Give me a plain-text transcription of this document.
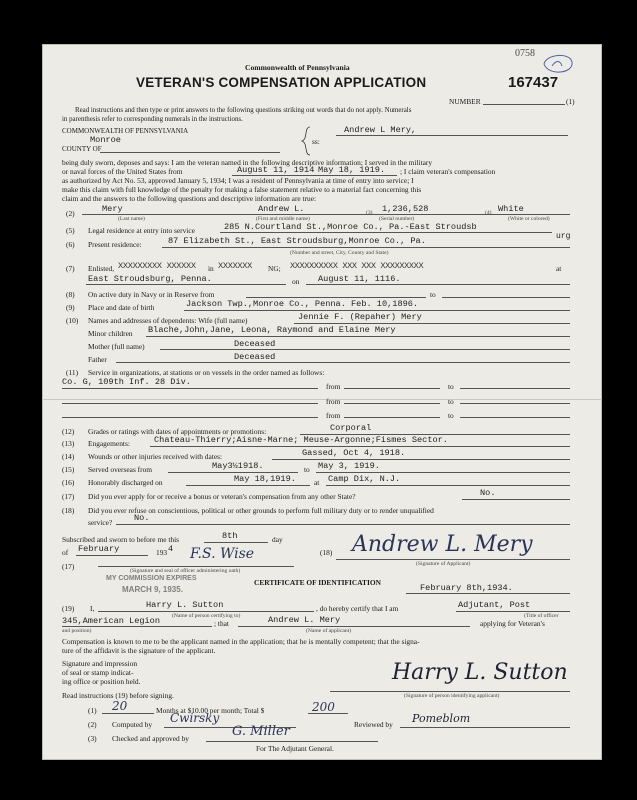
Commonwealth of Pennsylvania
VETERAN'S COMPENSATION APPLICATION	167437
0758
NUMBER	(1)
Read instructions and then type or print answers to the following questions striking out words that do not apply. Numerals
in parenthesis refer to corresponding numerals in the instructions.
COMMONWEALTH OF PENNSYLVANIA
Monroe
COUNTY OF
ss:
Andrew L Mery,
being duly sworn, deposes and says: I am the veteran named in the following descriptive information; I served in the military
or naval forces of the United States from	August 11, 1914 May 18, 1919. ; I claim veteran's compensation
as authorized by Act No. 53, approved January 5, 1934; I was a resident of Pennsylvania at time of entry into service; I
make this claim with full knowledge of the penalty for making a false statement relative to a material fact concerning this
claim and the answers to the following questions and descriptive information are true:
(2)	Mery	Andrew L.	1,236,528	White
(Last name)	(First and middle name)	(Serial number)	(White or colored)
(3)	(4)
(5) Legal residence at entry into service	285 N.Courtland St.,Monroe Co., Pa.-East Stroudsb
urg
(6) Present residence:	87 Elizabeth St., East Stroudsburg,Monroe Co., Pa.
(Number and street, City, County and State)
(7) Enlisted, XXXXXXXXX XXXXXX in XXXXXXX NG; XXXXXXXXXX XXX XXX XXXXXXXXX	at
East Stroudsburg, Penna.	on August 11, 1116.
(8) On active duty in Navy or in Reserve from	to
(9) Place and date of birth	Jackson Twp.,Monroe Co., Penna. Feb. 10,1896.
(10) Names and addresses of dependents: Wife (full name)	Jennie F. (Repaher) Mery
Minor children Blache,John,Jane, Leona, Raymond and Elaine Mery
Mother (full name)	Deceased
Father	Deceased
(11) Service in organizations, at stations or on vessels in the order named as follows:
Co. G, 109th Inf. 28 Div.	from	to
from	to
from	to
(12) Grades or ratings with dates of appointments or promotions:	Corporal
(13) Engagements:	Chateau-Thierry;Aisne-Marne; Meuse-Argonne;Fismes Sector.
(14) Wounds or other injuries received with dates:	Gassed, Oct 4, 1918.
(15) Served overseas from	May3½1918.	to May 3, 1919.
(16) Honorably discharged on	May 18,1919. at Camp Dix, N.J.
(17) Did you ever apply for or receive a bonus or veteran's compensation from any other State?	No.
(18) Did you ever refuse on conscientious, political or other grounds to perform full military duty or to render unqualified
service?	No.
Subscribed and sworn to before me this	8th	day
of February	193 4
(17)
F.S. Wise
(Signature and seal of officer administering oath)
MY COMMISSION EXPIRES
MARCH 9, 1935.
(18) Andrew L. Mery
(Signature of Applicant)
CERTIFICATE OF IDENTIFICATION
February 8th,1934.
(19) I,	Harry L. Sutton	, do hereby certify that I am	Adjutant, Post
(Name of person certifying to)	(Title of officer
345,American Legion	; that	Andrew L. Mery	applying for Veteran's
and position)	(Name of applicant)
Compensation is known to me to be the applicant named in the application; that he is mentally competent; that the signa-
ture of the affidavit is the signature of the applicant.
Signature and impression
of seal or stamp indicat-
ing office or position held.	Harry L. Sutton
(Signature of person identifying applicant)
Read instructions (19) before signing.
(1) 20	Months at $10.00 per month; Total $	200
(2) Computed by Cwirsky	Reviewed by Pomeblom
(3) Checked and approved by	G. Miller
For The Adjutant General.
